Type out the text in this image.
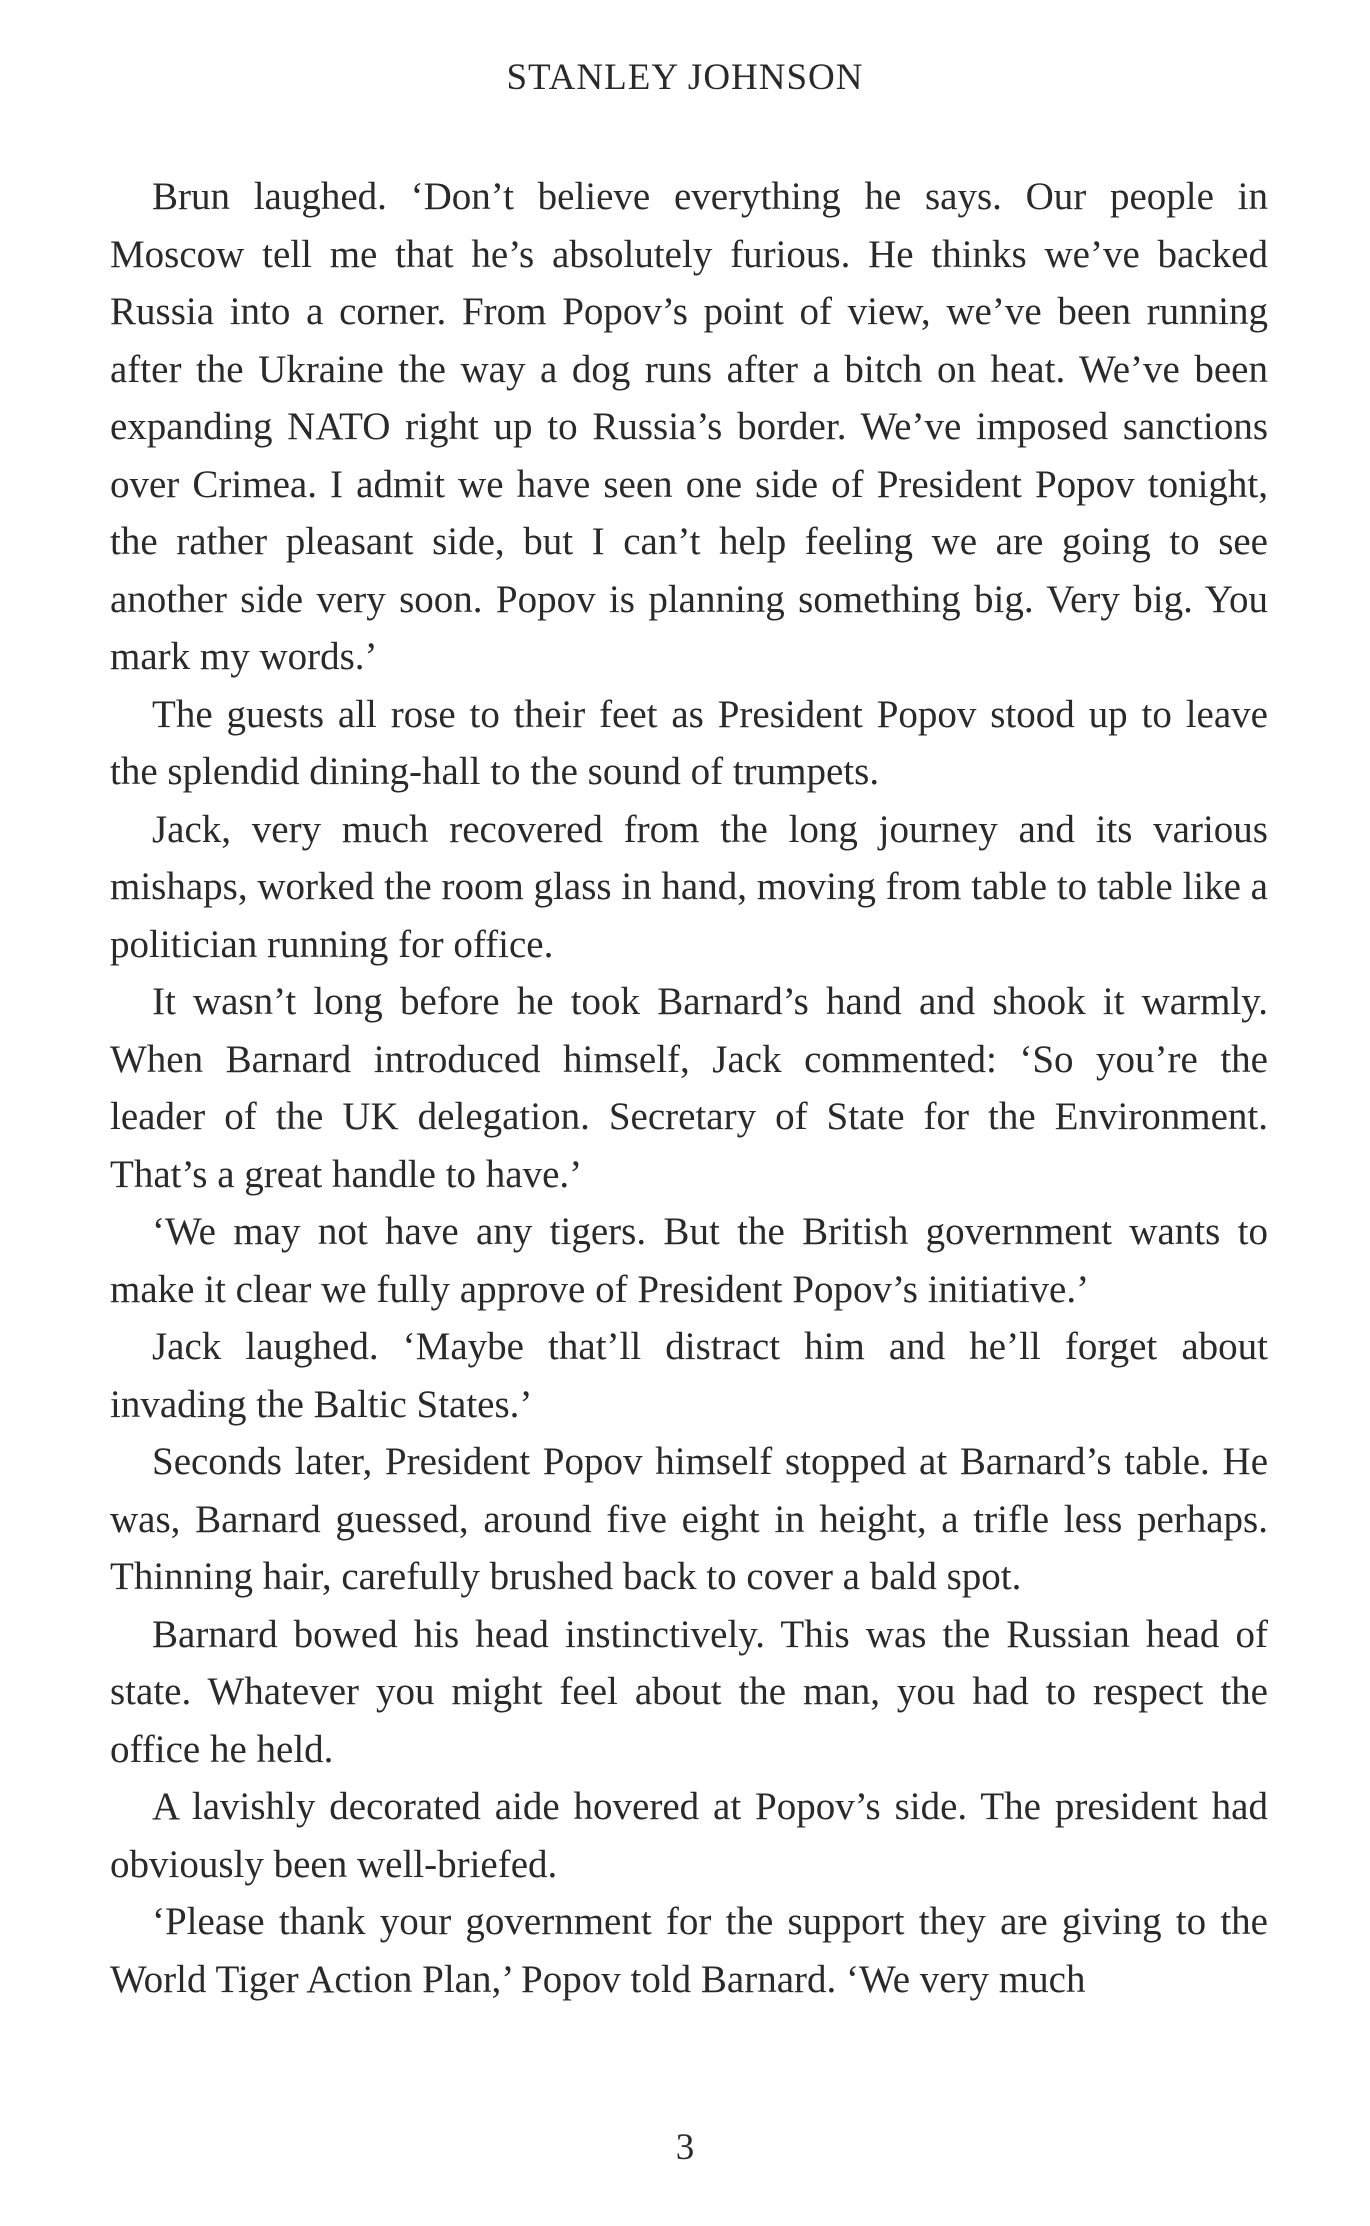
STANLEY JOHNSON

Brun laughed. ‘Don’t believe everything he says. Our people in Moscow tell me that he’s absolutely furious. He thinks we’ve backed Russia into a corner. From Popov’s point of view, we’ve been running after the Ukraine the way a dog runs after a bitch on heat. We’ve been expanding NATO right up to Russia’s border. We’ve imposed sanctions over Crimea. I admit we have seen one side of President Popov tonight, the rather pleasant side, but I can’t help feeling we are going to see another side very soon. Popov is planning something big. Very big. You mark my words.’

The guests all rose to their feet as President Popov stood up to leave the splendid dining-hall to the sound of trumpets.

Jack, very much recovered from the long journey and its various mishaps, worked the room glass in hand, moving from table to table like a politician running for office.

It wasn’t long before he took Barnard’s hand and shook it warmly. When Barnard introduced himself, Jack commented: ‘So you’re the leader of the UK delegation. Secretary of State for the Environment. That’s a great handle to have.’

‘We may not have any tigers. But the British government wants to make it clear we fully approve of President Popov’s initiative.’

Jack laughed. ‘Maybe that’ll distract him and he’ll forget about invading the Baltic States.’

Seconds later, President Popov himself stopped at Barnard’s table. He was, Barnard guessed, around five eight in height, a trifle less perhaps. Thinning hair, carefully brushed back to cover a bald spot.

Barnard bowed his head instinctively. This was the Russian head of state. Whatever you might feel about the man, you had to respect the office he held.

A lavishly decorated aide hovered at Popov’s side. The president had obviously been well-briefed.

‘Please thank your government for the support they are giving to the World Tiger Action Plan,’ Popov told Barnard. ‘We very much

3
